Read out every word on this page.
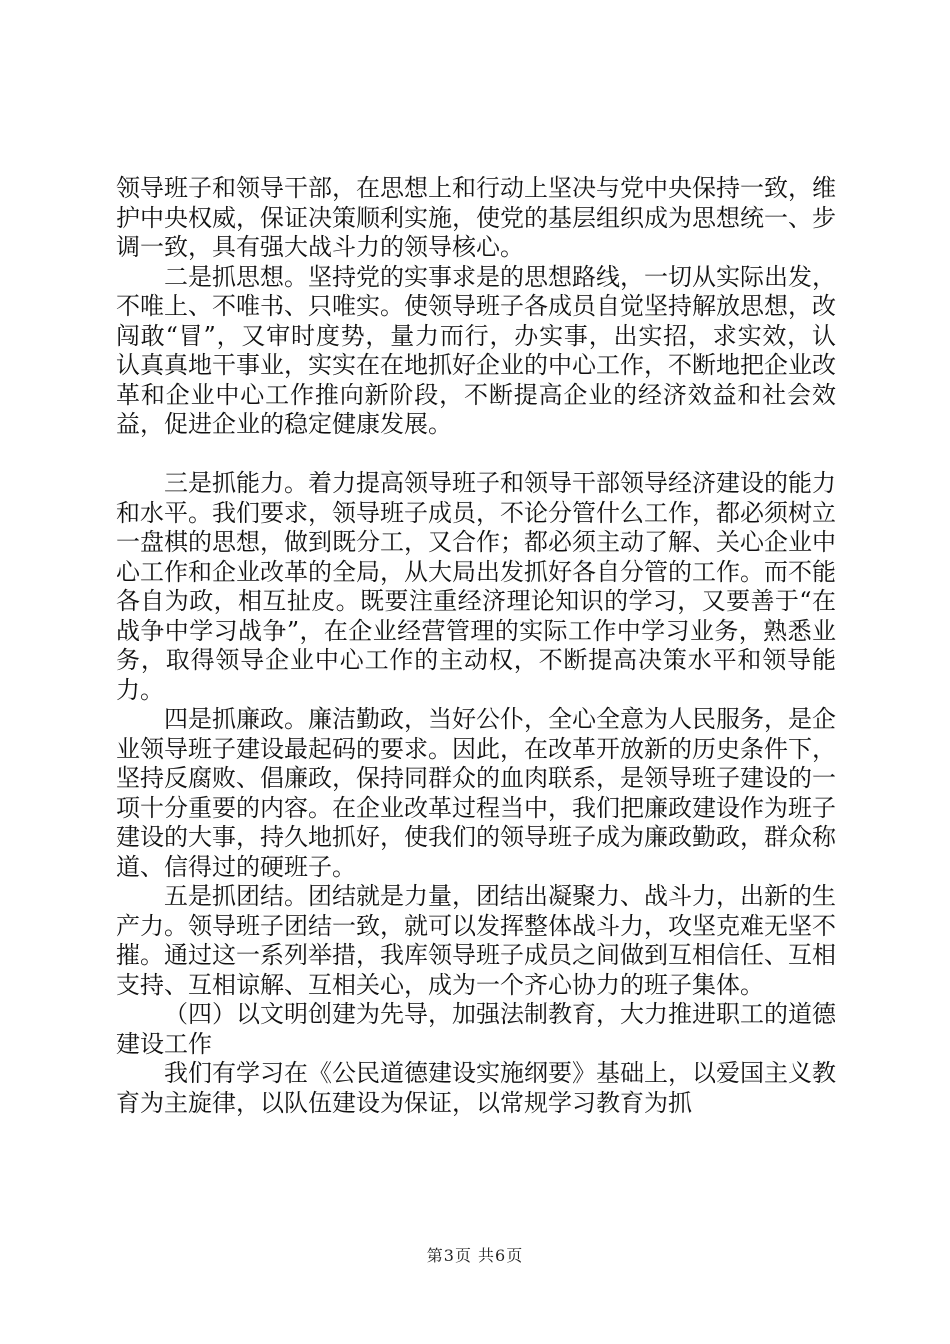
领导班子和领导干部，在思想上和行动上坚决与党中央保持一致，维护中央权威，保证决策顺利实施，使党的基层组织成为思想统一、步调一致，具有强大战斗力的领导核心。

二是抓思想。坚持党的实事求是的思想路线，一切从实际出发，不唯上、不唯书、只唯实。使领导班子各成员自觉坚持解放思想，改闯敢“冒”，又审时度势，量力而行，办实事，出实招，求实效，认认真真地干事业，实实在在地抓好企业的中心工作，不断地把企业改革和企业中心工作推向新阶段，不断提高企业的经济效益和社会效益，促进企业的稳定健康发展。

三是抓能力。着力提高领导班子和领导干部领导经济建设的能力和水平。我们要求，领导班子成员，不论分管什么工作，都必须树立一盘棋的思想，做到既分工，又合作；都必须主动了解、关心企业中心工作和企业改革的全局，从大局出发抓好各自分管的工作。而不能各自为政，相互扯皮。既要注重经济理论知识的学习，又要善于“在战争中学习战争”，在企业经营管理的实际工作中学习业务，熟悉业务，取得领导企业中心工作的主动权，不断提高决策水平和领导能力。

四是抓廉政。廉洁勤政，当好公仆，全心全意为人民服务，是企业领导班子建设最起码的要求。因此，在改革开放新的历史条件下，坚持反腐败、倡廉政，保持同群众的血肉联系，是领导班子建设的一项十分重要的内容。在企业改革过程当中，我们把廉政建设作为班子建设的大事，持久地抓好，使我们的领导班子成为廉政勤政，群众称道、信得过的硬班子。

五是抓团结。团结就是力量，团结出凝聚力、战斗力，出新的生产力。领导班子团结一致，就可以发挥整体战斗力，攻坚克难无坚不摧。通过这一系列举措，我库领导班子成员之间做到互相信任、互相支持、互相谅解、互相关心，成为一个齐心协力的班子集体。

（四）以文明创建为先导，加强法制教育，大力推进职工的道德建设工作

我们有学习在《公民道德建设实施纲要》基础上，以爱国主义教育为主旋律，以队伍建设为保证，以常规学习教育为抓

第3页 共6页
